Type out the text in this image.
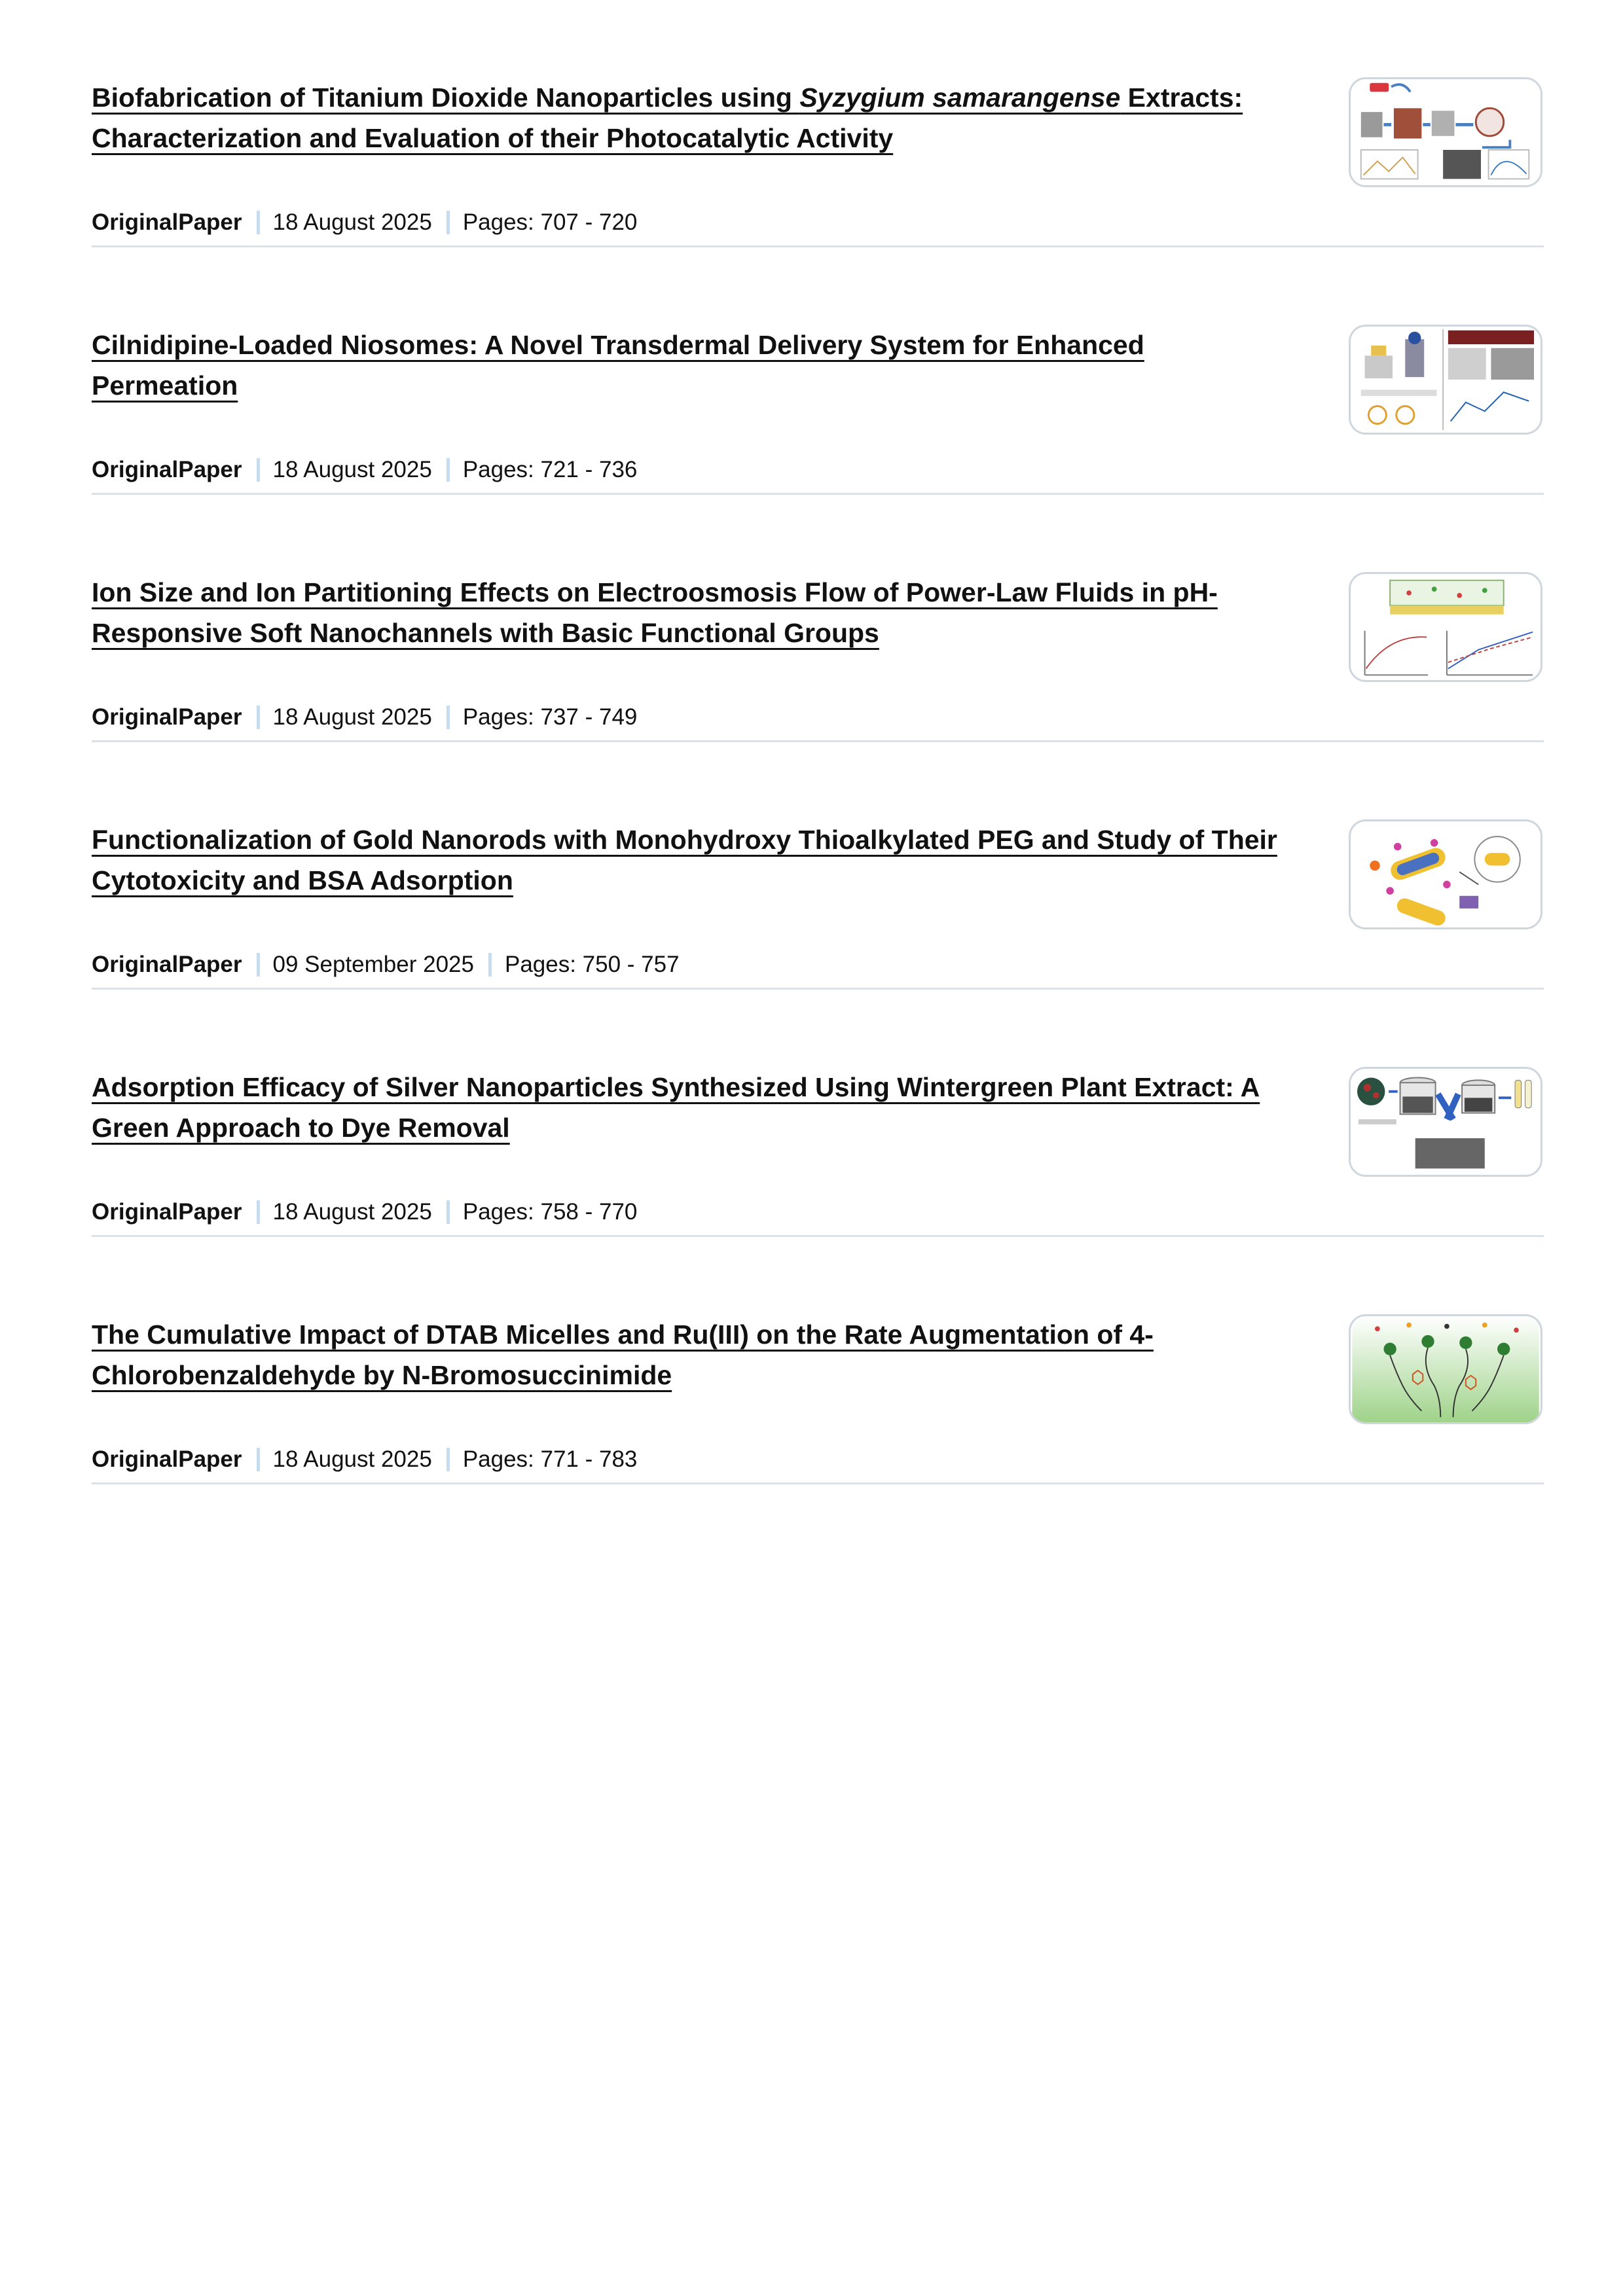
Biofabrication of Titanium Dioxide Nanoparticles using Syzygium samarangense Extracts: Characterization and Evaluation of their Photocatalytic Activity
OriginalPaper 18 August 2025 Pages: 707 - 720
Cilnidipine-Loaded Niosomes: A Novel Transdermal Delivery System for Enhanced Permeation
OriginalPaper 18 August 2025 Pages: 721 - 736
Ion Size and Ion Partitioning Effects on Electroosmosis Flow of Power-Law Fluids in pH-Responsive Soft Nanochannels with Basic Functional Groups
OriginalPaper 18 August 2025 Pages: 737 - 749
Functionalization of Gold Nanorods with Monohydroxy Thioalkylated PEG and Study of Their Cytotoxicity and BSA Adsorption
OriginalPaper 09 September 2025 Pages: 750 - 757
Adsorption Efficacy of Silver Nanoparticles Synthesized Using Wintergreen Plant Extract: A Green Approach to Dye Removal
OriginalPaper 18 August 2025 Pages: 758 - 770
The Cumulative Impact of DTAB Micelles and Ru(III) on the Rate Augmentation of 4-Chlorobenzaldehyde by N-Bromosuccinimide
OriginalPaper 18 August 2025 Pages: 771 - 783
